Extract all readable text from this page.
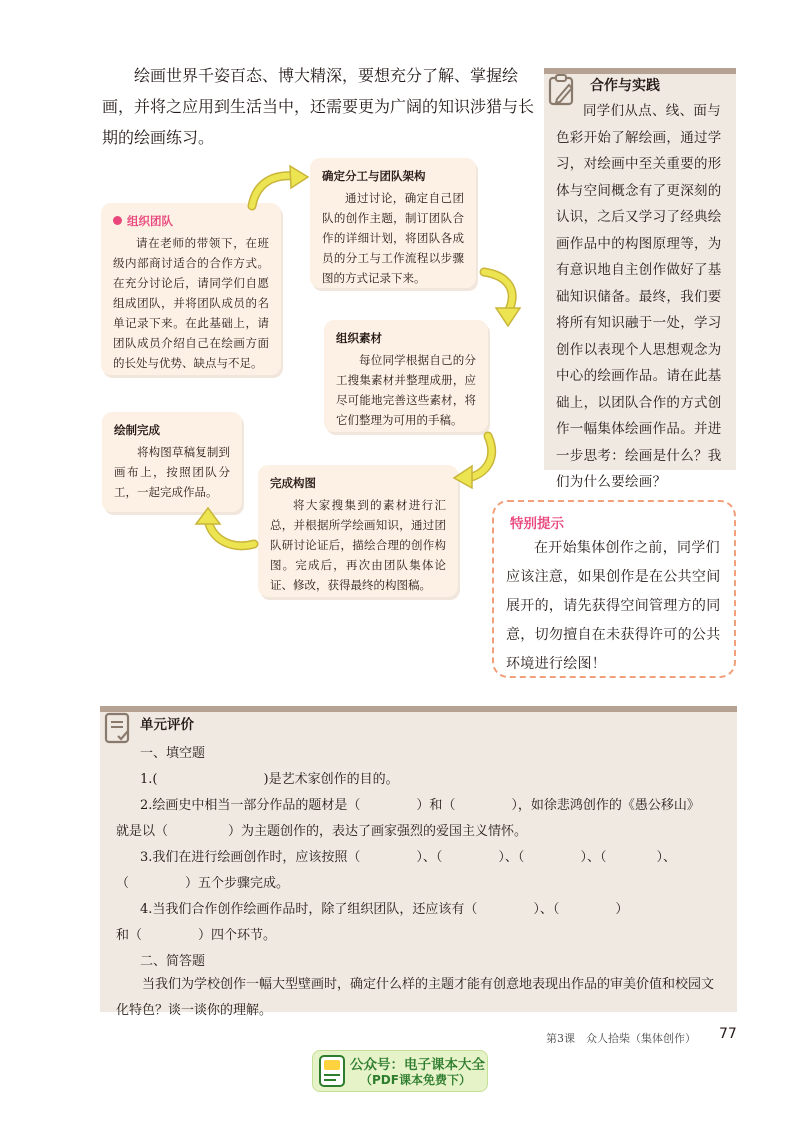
绘画世界千姿百态、博大精深，要想充分了解、掌握绘画，并将之应用到生活当中，还需要更为广阔的知识涉猎与长期的绘画练习。

合作与实践

同学们从点、线、面与色彩开始了解绘画，通过学习，对绘画中至关重要的形体与空间概念有了更深刻的认识，之后又学习了经典绘画作品中的构图原理等，为有意识地自主创作做好了基础知识储备。最终，我们要将所有知识融于一处，学习创作以表现个人思想观念为中心的绘画作品。请在此基础上，以团队合作的方式创作一幅集体绘画作品。并进一步思考：绘画是什么？我们为什么要绘画？

组织团队

请在老师的带领下，在班级内部商讨适合的合作方式。在充分讨论后，请同学们自愿组成团队，并将团队成员的名单记录下来。在此基础上，请团队成员介绍自己在绘画方面的长处与优势、缺点与不足。

确定分工与团队架构

通过讨论，确定自己团队的创作主题，制订团队合作的详细计划，将团队各成员的分工与工作流程以步骤图的方式记录下来。

组织素材

每位同学根据自己的分工搜集素材并整理成册，应尽可能地完善这些素材，将它们整理为可用的手稿。

绘制完成

将构图草稿复制到画布上，按照团队分工，一起完成作品。

完成构图

将大家搜集到的素材进行汇总，并根据所学绘画知识，通过团队研讨论证后，描绘合理的创作构图。完成后，再次由团队集体论证、修改，获得最终的构图稿。

特别提示

在开始集体创作之前，同学们应该注意，如果创作是在公共空间展开的，请先获得空间管理方的同意，切勿擅自在未获得许可的公共环境进行绘图！

单元评价

一、填空题

1.(	)是艺术家创作的目的。

2.绘画史中相当一部分作品的题材是（	）和（	），如徐悲鸿创作的《愚公移山》

就是以（	）为主题创作的，表达了画家强烈的爱国主义情怀。

3.我们在进行绘画创作时，应该按照（	）、（	）、（	）、（	）、

（	）五个步骤完成。

4.当我们合作创作绘画作品时，除了组织团队，还应该有（	）、（	）

和（	）四个环节。

二、简答题

当我们为学校创作一幅大型壁画时，确定什么样的主题才能有创意地表现出作品的审美价值和校园文化特色？谈一谈你的理解。

第3课　众人拾柴（集体创作） 77
公众号：电子课本大全
（PDF课本免费下）
